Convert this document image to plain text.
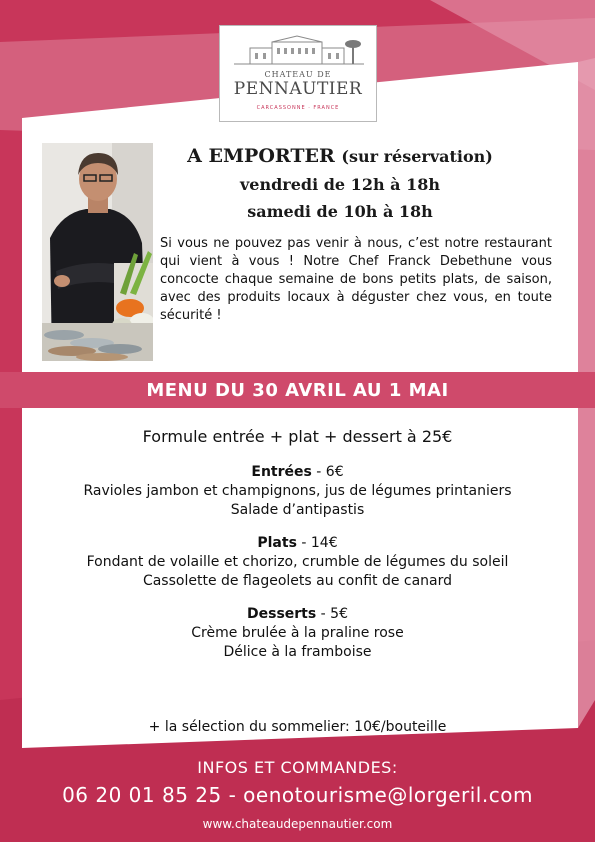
CHATEAU DE
PENNAUTIER
CARCASSONNE · FRANCE
A EMPORTER (sur réservation)
vendredi de 12h à 18h
samedi de 10h à 18h
Si vous ne pouvez pas venir à nous, c’est notre restaurant qui vient à vous ! Notre Chef Franck Debethune vous concocte chaque semaine de bons petits plats, de saison, avec des produits locaux à déguster chez vous, en toute sécurité !
MENU DU 30 AVRIL AU 1 MAI
Formule entrée + plat + dessert à 25€
Entrées - 6€
Ravioles jambon et champignons, jus de légumes printaniers
Salade d’antipastis
Plats - 14€
Fondant de volaille et chorizo, crumble de légumes du soleil
Cassolette de flageolets au confit de canard
Desserts - 5€
Crème brulée à la praline rose
Délice à la framboise
+ la sélection du sommelier: 10€/bouteille
INFOS ET COMMANDES:
06 20 01 85 25 - oenotourisme@lorgeril.com
www.chateaudepennautier.com
